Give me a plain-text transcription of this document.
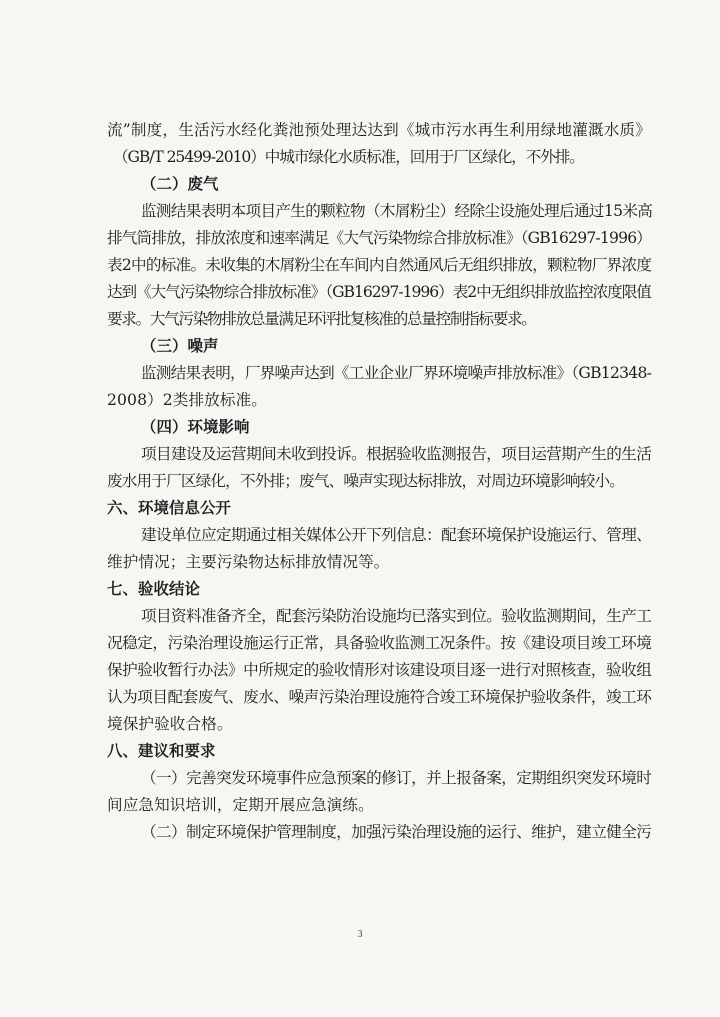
流”制度，生活污水经化粪池预处理达达到《城市污水再生利用绿地灌溉水质》
（GB/T 25499-2010）中城市绿化水质标准，回用于厂区绿化，不外排。
（二）废气
监测结果表明本项目产生的颗粒物（木屑粉尘）经除尘设施处理后通过15米高
排气筒排放，排放浓度和速率满足《大气污染物综合排放标准》（GB16297-1996）
表2中的标准。未收集的木屑粉尘在车间内自然通风后无组织排放，颗粒物厂界浓度
达到《大气污染物综合排放标准》（GB16297-1996）表2中无组织排放监控浓度限值
要求。大气污染物排放总量满足环评批复核准的总量控制指标要求。
（三）噪声
监测结果表明，厂界噪声达到《工业企业厂界环境噪声排放标准》（GB12348-
2008）2类排放标准。
（四）环境影响
项目建设及运营期间未收到投诉。根据验收监测报告，项目运营期产生的生活
废水用于厂区绿化，不外排；废气、噪声实现达标排放，对周边环境影响较小。
六、环境信息公开
建设单位应定期通过相关媒体公开下列信息：配套环境保护设施运行、管理、
维护情况；主要污染物达标排放情况等。
七、验收结论
项目资料准备齐全，配套污染防治设施均已落实到位。验收监测期间，生产工
况稳定，污染治理设施运行正常，具备验收监测工况条件。按《建设项目竣工环境
保护验收暂行办法》中所规定的验收情形对该建设项目逐一进行对照核查，验收组
认为项目配套废气、废水、噪声污染治理设施符合竣工环境保护验收条件，竣工环
境保护验收合格。
八、建议和要求
（一）完善突发环境事件应急预案的修订，并上报备案，定期组织突发环境时
间应急知识培训，定期开展应急演练。
（二）制定环境保护管理制度，加强污染治理设施的运行、维护，建立健全污
3
